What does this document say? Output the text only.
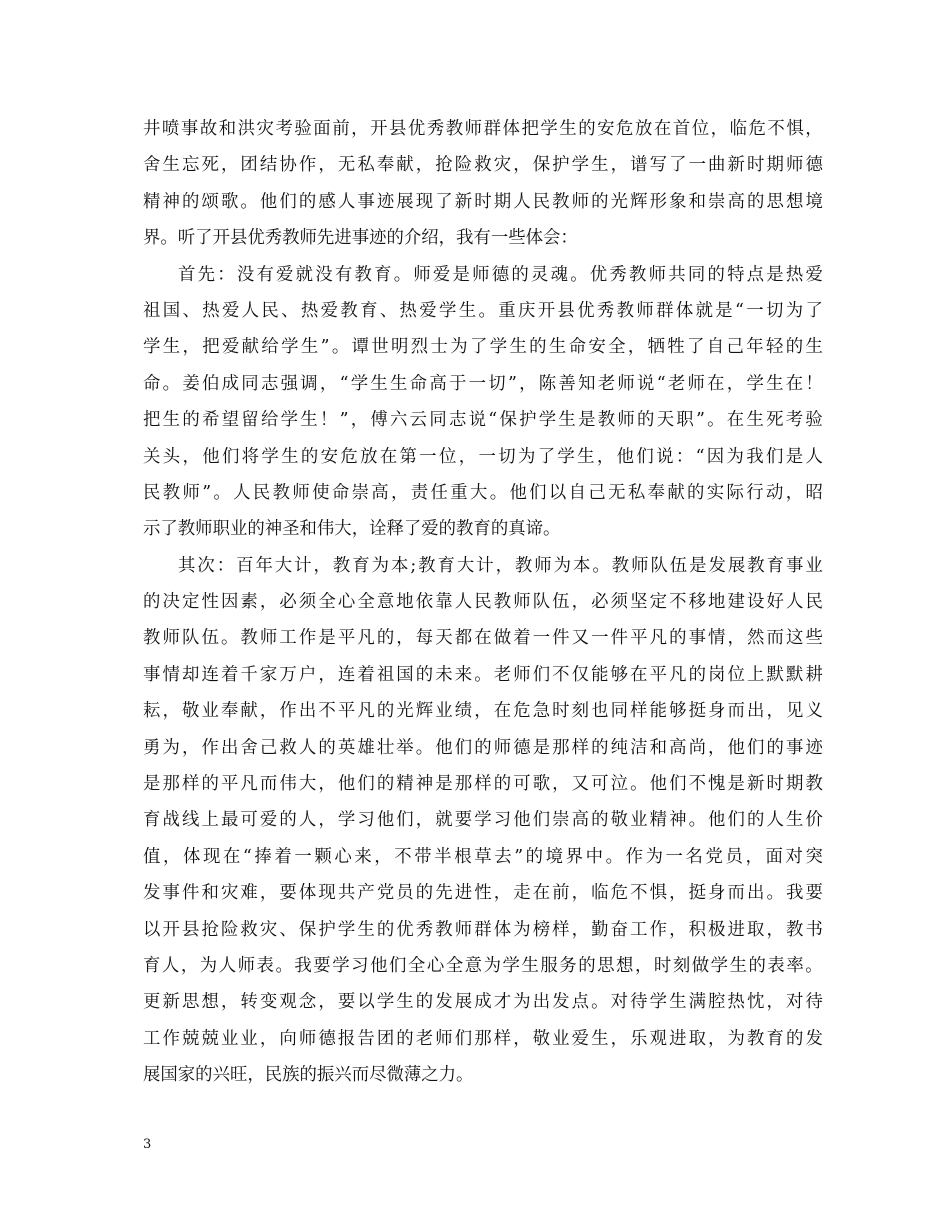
井 喷 事 故 和 洪 灾 考 验 面 前 ， 开 县 优 秀 教 师 群 体 把 学 生 的 安 危 放 在 首 位 ， 临 危 不 惧 ，
舍 生 忘 死 ， 团 结 协 作 ， 无 私 奉 献 ， 抢 险 救 灾 ， 保 护 学 生 ， 谱 写 了 一 曲 新 时 期 师 德
精 神 的 颂 歌 。 他 们 的 感 人 事 迹 展 现 了 新 时 期 人 民 教 师 的 光 辉 形 象 和 崇 高 的 思 想 境
界。听了开县优秀教师先进事迹的介绍，我有一些体会：
首 先 ： 没 有 爱 就 没 有 教 育 。 师 爱 是 师 德 的 灵 魂 。 优 秀 教 师 共 同 的 特 点 是 热 爱
祖 国 、 热 爱 人 民 、 热 爱 教 育 、 热 爱 学 生 。 重 庆 开 县 优 秀 教 师 群 体 就 是 “ 一 切 为 了
学 生 ， 把 爱 献 给 学 生 ” 。 谭 世 明 烈 士 为 了 学 生 的 生 命 安 全 ， 牺 牲 了 自 己 年 轻 的 生
命 。 姜 伯 成 同 志 强 调 ， “ 学 生 生 命 高 于 一 切 ” ， 陈 善 知 老 师 说 “ 老 师 在 ， 学 生 在 ！
把 生 的 希 望 留 给 学 生 ！ ” ， 傅 六 云 同 志 说 “ 保 护 学 生 是 教 师 的 天 职 ” 。 在 生 死 考 验
关 头 ， 他 们 将 学 生 的 安 危 放 在 第 一 位 ， 一 切 为 了 学 生 ， 他 们 说 ： “ 因 为 我 们 是 人
民 教 师 ” 。 人 民 教 师 使 命 崇 高 ， 责 任 重 大 。 他 们 以 自 己 无 私 奉 献 的 实 际 行 动 ， 昭
示了教师职业的神圣和伟大，诠释了爱的教育的真谛。
其 次 ： 百 年 大 计 ， 教 育 为 本 ; 教 育 大 计 ， 教 师 为 本 。 教 师 队 伍 是 发 展 教 育 事 业
的 决 定 性 因 素 ， 必 须 全 心 全 意 地 依 靠 人 民 教 师 队 伍 ， 必 须 坚 定 不 移 地 建 设 好 人 民
教 师 队 伍 。 教 师 工 作 是 平 凡 的 ， 每 天 都 在 做 着 一 件 又 一 件 平 凡 的 事 情 ， 然 而 这 些
事 情 却 连 着 千 家 万 户 ， 连 着 祖 国 的 未 来 。 老 师 们 不 仅 能 够 在 平 凡 的 岗 位 上 默 默 耕
耘 ， 敬 业 奉 献 ， 作 出 不 平 凡 的 光 辉 业 绩 ， 在 危 急 时 刻 也 同 样 能 够 挺 身 而 出 ， 见 义
勇 为 ， 作 出 舍 己 救 人 的 英 雄 壮 举 。 他 们 的 师 德 是 那 样 的 纯 洁 和 高 尚 ， 他 们 的 事 迹
是 那 样 的 平 凡 而 伟 大 ， 他 们 的 精 神 是 那 样 的 可 歌 ， 又 可 泣 。 他 们 不 愧 是 新 时 期 教
育 战 线 上 最 可 爱 的 人 ， 学 习 他 们 ， 就 要 学 习 他 们 崇 高 的 敬 业 精 神 。 他 们 的 人 生 价
值 ， 体 现 在 “ 捧 着 一 颗 心 来 ， 不 带 半 根 草 去 ” 的 境 界 中 。 作 为 一 名 党 员 ， 面 对 突
发 事 件 和 灾 难 ， 要 体 现 共 产 党 员 的 先 进 性 ， 走 在 前 ， 临 危 不 惧 ， 挺 身 而 出 。 我 要
以 开 县 抢 险 救 灾 、 保 护 学 生 的 优 秀 教 师 群 体 为 榜 样 ， 勤 奋 工 作 ， 积 极 进 取 ， 教 书
育 人 ， 为 人 师 表 。 我 要 学 习 他 们 全 心 全 意 为 学 生 服 务 的 思 想 ， 时 刻 做 学 生 的 表 率 。
更 新 思 想 ， 转 变 观 念 ， 要 以 学 生 的 发 展 成 才 为 出 发 点 。 对 待 学 生 满 腔 热 忱 ， 对 待
工 作 兢 兢 业 业 ， 向 师 德 报 告 团 的 老 师 们 那 样 ， 敬 业 爱 生 ， 乐 观 进 取 ， 为 教 育 的 发
展国家的兴旺，民族的振兴而尽微薄之力。
3
